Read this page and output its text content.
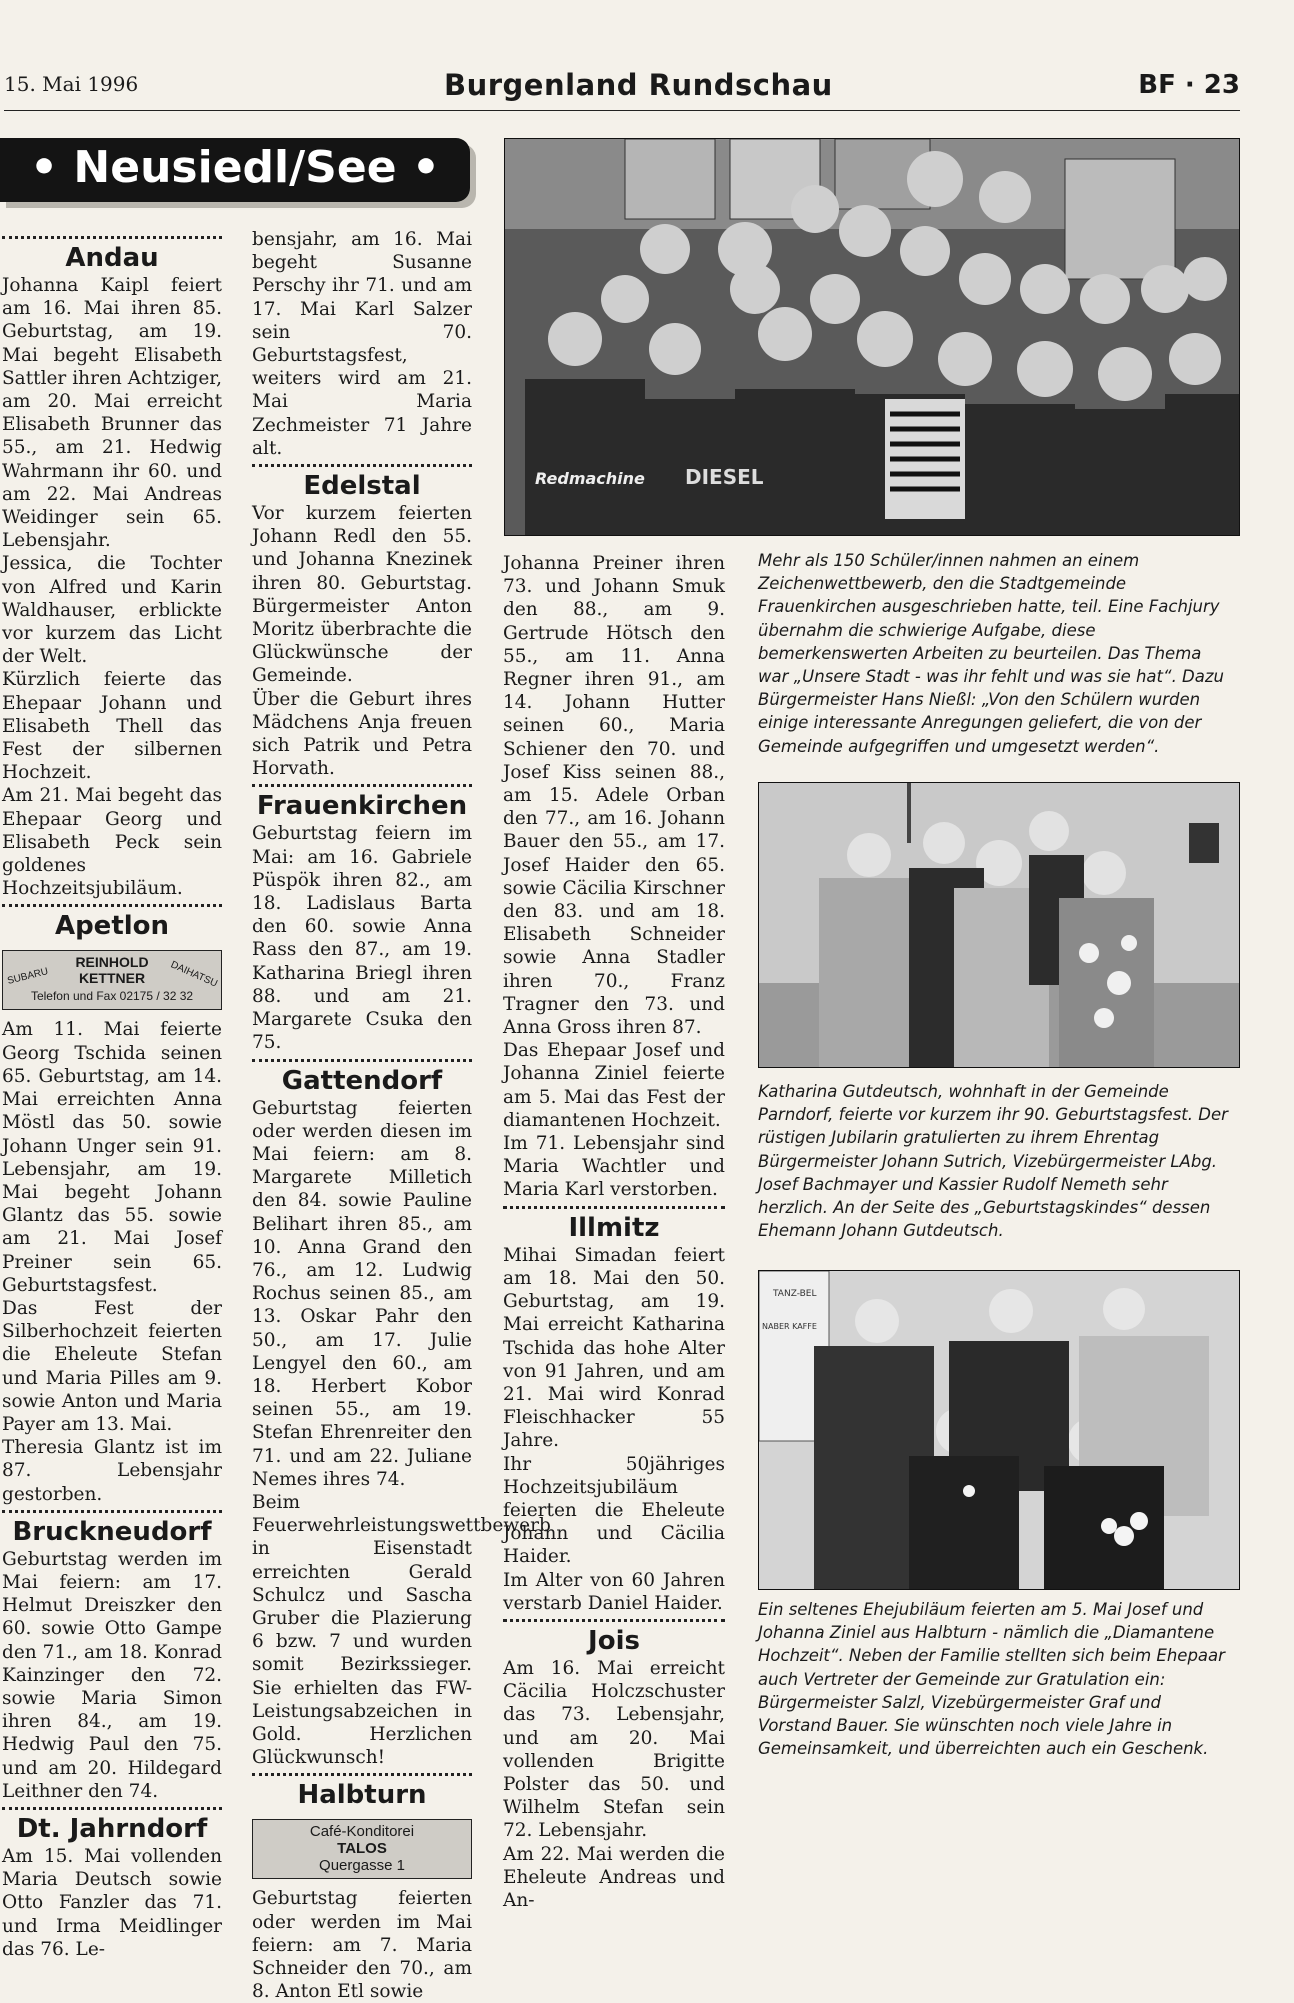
15. Mai 1996	Burgenland Rundschau	BF · 23
• Neusiedl/See •
Andau

Johanna Kaipl feiert am 16. Mai ihren 85. Geburtstag, am 19. Mai begeht Elisabeth Sattler ihren Achtziger, am 20. Mai erreicht Elisabeth Brunner das 55., am 21. Hedwig Wahrmann ihr 60. und am 22. Mai Andreas Weidinger sein 65. Lebensjahr.

Jessica, die Tochter von Alfred und Karin Waldhauser, erblickte vor kurzem das Licht der Welt.

Kürzlich feierte das Ehepaar Johann und Elisabeth Thell das Fest der silbernen Hochzeit.

Am 21. Mai begeht das Ehepaar Georg und Elisabeth Peck sein goldenes Hochzeitsjubiläum.

Apetlon
SUBARU
REINHOLD
KETTNER	DAIHATSU
Telefon und Fax 02175 / 32 32

Am 11. Mai feierte Georg Tschida seinen 65. Geburtstag, am 14. Mai erreichten Anna Möstl das 50. sowie Johann Unger sein 91. Lebensjahr, am 19. Mai begeht Johann Glantz das 55. sowie am 21. Mai Josef Preiner sein 65. Geburtstagsfest.

Das Fest der Silberhochzeit feierten die Eheleute Stefan und Maria Pilles am 9. sowie Anton und Maria Payer am 13. Mai.

Theresia Glantz ist im 87. Lebensjahr gestorben.

Bruckneudorf

Geburtstag werden im Mai feiern: am 17. Helmut Dreiszker den 60. sowie Otto Gampe den 71., am 18. Konrad Kainzinger den 72. sowie Maria Simon ihren 84., am 19. Hedwig Paul den 75. und am 20. Hildegard Leithner den 74.

Dt. Jahrndorf

Am 15. Mai vollenden Maria Deutsch sowie Otto Fanzler das 71. und Irma Meidlinger das 76. Le-

bensjahr, am 16. Mai begeht Susanne Perschy ihr 71. und am 17. Mai Karl Salzer sein 70. Geburtstagsfest, weiters wird am 21. Mai Maria Zechmeister 71 Jahre alt.

Edelstal

Vor kurzem feierten Johann Redl den 55. und Johanna Knezinek ihren 80. Geburtstag. Bürgermeister Anton Moritz überbrachte die Glückwünsche der Gemeinde.

Über die Geburt ihres Mädchens Anja freuen sich Patrik und Petra Horvath.

Frauenkirchen

Geburtstag feiern im Mai: am 16. Gabriele Püspök ihren 82., am 18. Ladislaus Barta den 60. sowie Anna Rass den 87., am 19. Katharina Briegl ihren 88. und am 21. Margarete Csuka den 75.

Gattendorf

Geburtstag feierten oder werden diesen im Mai feiern: am 8. Margarete Milletich den 84. sowie Pauline Belihart ihren 85., am 10. Anna Grand den 76., am 12. Ludwig Rochus seinen 85., am 13. Oskar Pahr den 50., am 17. Julie Lengyel den 60., am 18. Herbert Kobor seinen 55., am 19. Stefan Ehrenreiter den 71. und am 22. Juliane Nemes ihres 74.

Beim Feuerwehrleistungswettbewerb in Eisenstadt erreichten Gerald Schulcz und Sascha Gruber die Plazierung 6 bzw. 7 und wurden somit Bezirkssieger. Sie erhielten das FW-Leistungsabzeichen in Gold. Herzlichen Glückwunsch!

Halbturn
Café-Konditorei
TALOS
Quergasse 1

Geburtstag feierten oder werden im Mai feiern: am 7. Maria Schneider den 70., am 8. Anton Etl sowie

Johanna Preiner ihren 73. und Johann Smuk den 88., am 9. Gertrude Hötsch den 55., am 11. Anna Regner ihren 91., am 14. Johann Hutter seinen 60., Maria Schiener den 70. und Josef Kiss seinen 88., am 15. Adele Orban den 77., am 16. Johann Bauer den 55., am 17. Josef Haider den 65. sowie Cäcilia Kirschner den 83. und am 18. Elisabeth Schneider sowie Anna Stadler ihren 70., Franz Tragner den 73. und Anna Gross ihren 87.

Das Ehepaar Josef und Johanna Ziniel feierte am 5. Mai das Fest der diamantenen Hochzeit.

Im 71. Lebensjahr sind Maria Wachtler und Maria Karl verstorben.

Illmitz

Mihai Simadan feiert am 18. Mai den 50. Geburtstag, am 19. Mai erreicht Katharina Tschida das hohe Alter von 91 Jahren, und am 21. Mai wird Konrad Fleischhacker 55 Jahre.

Ihr 50jähriges Hochzeitsjubiläum feierten die Eheleute Johann und Cäcilia Haider.

Im Alter von 60 Jahren verstarb Daniel Haider.

Jois

Am 16. Mai erreicht Cäcilia Holczschuster das 73. Lebensjahr, und am 20. Mai vollenden Brigitte Polster das 50. und Wilhelm Stefan sein 72. Lebensjahr.

Am 22. Mai werden die Eheleute Andreas und An-

Redmachine DIESEL
Mehr als 150 Schüler/innen nahmen an einem Zeichenwettbewerb, den die Stadtgemeinde Frauenkirchen ausgeschrieben hatte, teil. Eine Fachjury übernahm die schwierige Aufgabe, diese bemerkenswerten Arbeiten zu beurteilen. Das Thema war „Unsere Stadt - was ihr fehlt und was sie hat“. Dazu Bürgermeister Hans Nießl: „Von den Schülern wurden einige interessante Anregungen geliefert, die von der Gemeinde aufgegriffen und umgesetzt werden“.
Katharina Gutdeutsch, wohnhaft in der Gemeinde Parndorf, feierte vor kurzem ihr 90. Geburtstagsfest. Der rüstigen Jubilarin gratulierten zu ihrem Ehrentag Bürgermeister Johann Sutrich, Vizebürgermeister LAbg. Josef Bachmayer und Kassier Rudolf Nemeth sehr herzlich. An der Seite des „Geburtstagskindes“ dessen Ehemann Johann Gutdeutsch.
TANZ-BEL
NABER KAFFE
Ein seltenes Ehejubiläum feierten am 5. Mai Josef und Johanna Ziniel aus Halbturn - nämlich die „Diamantene Hochzeit“. Neben der Familie stellten sich beim Ehepaar auch Vertreter der Gemeinde zur Gratulation ein: Bürgermeister Salzl, Vizebürgermeister Graf und Vorstand Bauer. Sie wünschten noch viele Jahre in Gemeinsamkeit, und überreichten auch ein Geschenk.
